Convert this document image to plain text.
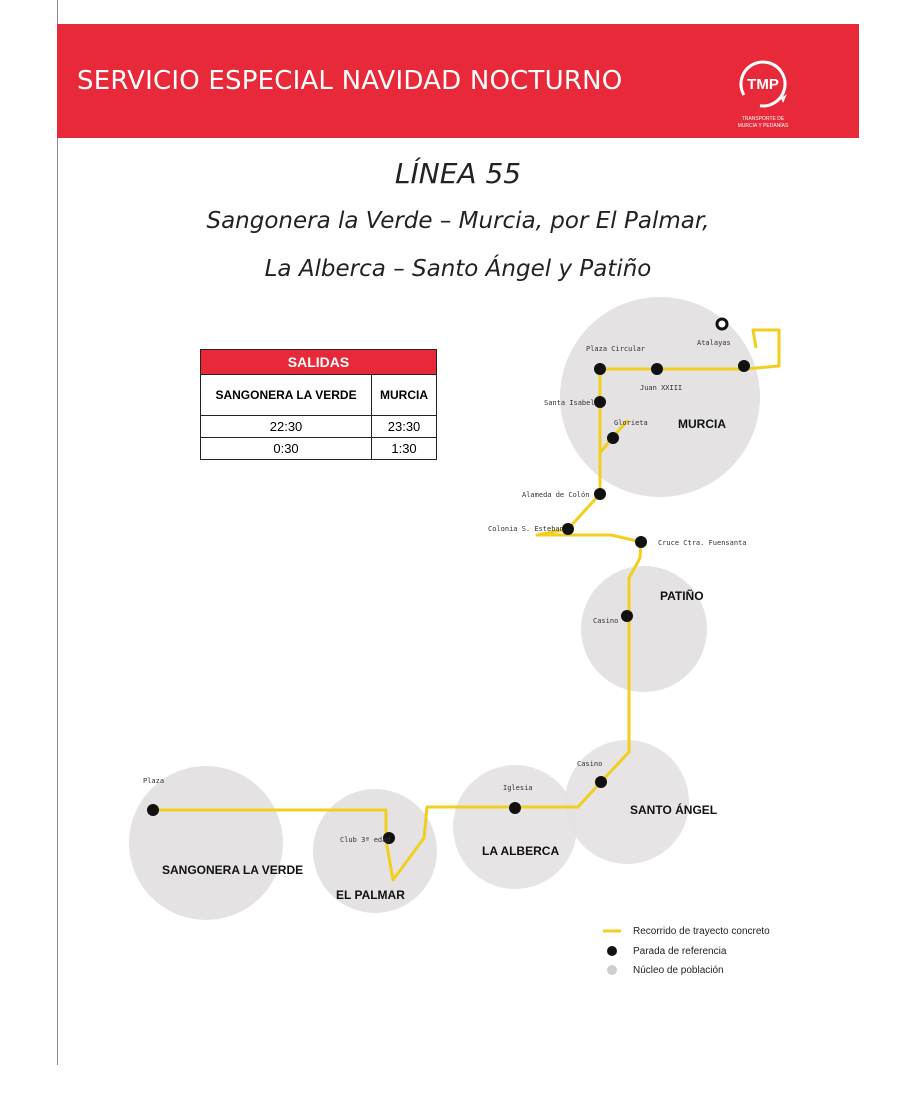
SERVICIO ESPECIAL NAVIDAD NOCTURNO	TMP
TRANSPORTE DE
MURCIA Y PEDANÍAS
LÍNEA 55
Sangonera la Verde – Murcia, por El Palmar,
La Alberca – Santo Ángel y Patiño
SALIDAS	
SANGONERA LA VERDE	MURCIA
22:30	23:30
0:30	1:30
Atalayas
Plaza Circular
Juan XXIII
Santa Isabel
Glorieta
Alameda de Colón
Colonia S. Esteban
Cruce Ctra. Fuensanta
Casino
Casino
Iglesia
Club 3ª edad
Plaza
MURCIA
PATIÑO
SANTO ÁNGEL
LA ALBERCA
EL PALMAR
SANGONERA LA VERDE
Recorrido de trayecto concreto
Parada de referencia
Núcleo de población
